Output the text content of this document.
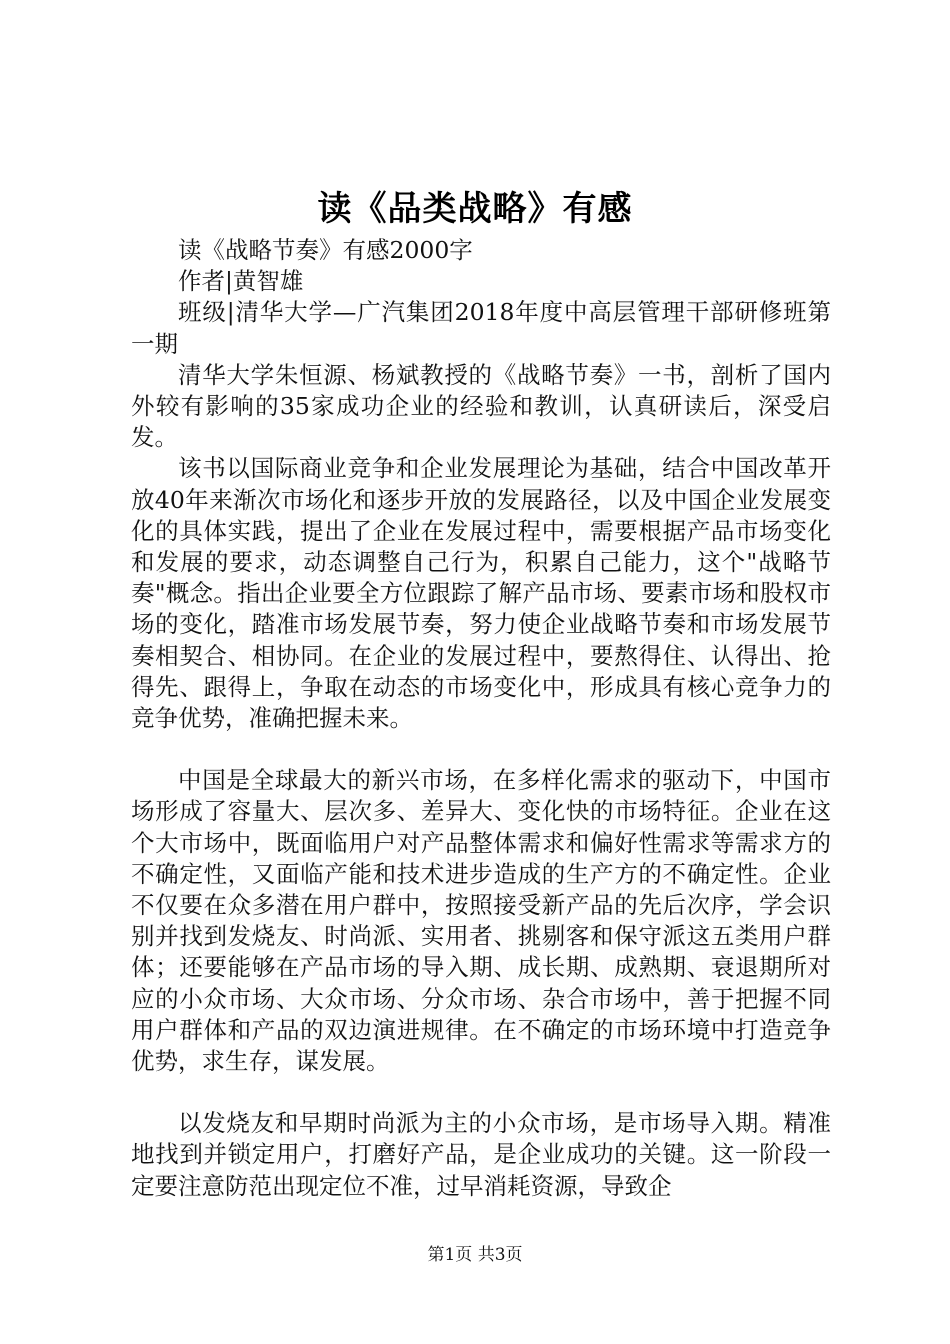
读《品类战略》有感

读《战略节奏》有感2000字

作者|黄智雄

班级|清华大学—广汽集团2018年度中高层管理干部研修班第一期

清华大学朱恒源、杨斌教授的《战略节奏》一书，剖析了国内外较有影响的35家成功企业的经验和教训，认真研读后，深受启发。

该书以国际商业竞争和企业发展理论为基础，结合中国改革开放40年来渐次市场化和逐步开放的发展路径，以及中国企业发展变化的具体实践，提出了企业在发展过程中，需要根据产品市场变化和发展的要求，动态调整自己行为，积累自己能力，这个"战略节奏"概念。指出企业要全方位跟踪了解产品市场、要素市场和股权市场的变化，踏准市场发展节奏，努力使企业战略节奏和市场发展节奏相契合、相协同。在企业的发展过程中，要熬得住、认得出、抢得先、跟得上，争取在动态的市场变化中，形成具有核心竞争力的竞争优势，准确把握未来。

中国是全球最大的新兴市场，在多样化需求的驱动下，中国市场形成了容量大、层次多、差异大、变化快的市场特征。企业在这个大市场中，既面临用户对产品整体需求和偏好性需求等需求方的不确定性，又面临产能和技术进步造成的生产方的不确定性。企业不仅要在众多潜在用户群中，按照接受新产品的先后次序，学会识别并找到发烧友、时尚派、实用者、挑剔客和保守派这五类用户群体；还要能够在产品市场的导入期、成长期、成熟期、衰退期所对应的小众市场、大众市场、分众市场、杂合市场中，善于把握不同用户群体和产品的双边演进规律。在不确定的市场环境中打造竞争优势，求生存，谋发展。

以发烧友和早期时尚派为主的小众市场，是市场导入期。精准地找到并锁定用户，打磨好产品，是企业成功的关键。这一阶段一定要注意防范出现定位不准，过早消耗资源，导致企

第1页 共3页
